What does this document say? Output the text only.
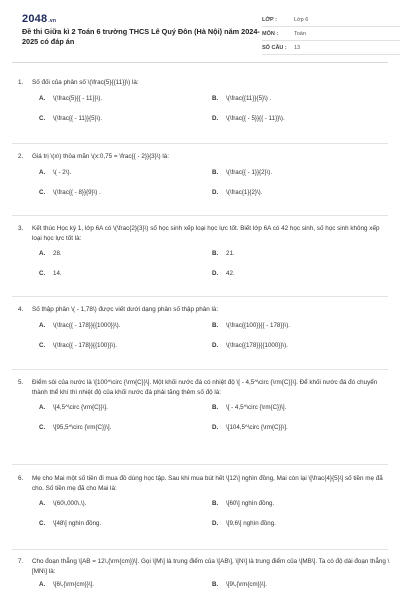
2048.vn
Đề thi Giữa kì 2 Toán 6 trường THCS Lê Quý Đôn (Hà Nội) năm 2024-2025 có đáp án
LỚP :	Lớp 6
MÔN :	Toán
SỐ CÂU :	13
1.	Số đối của phân số \(\frac{5}{{11}}\) là:
A.	\(\frac{5}{{ - 11}}\).	B.	\(\frac{{11}}{5}\) .
C.	\(\frac{{ - 11}}{5}\).	D.	\(\frac{{ - 5}}{{ - 11}}\).
2.	Giá trị \(x\) thỏa mãn \(x:0,75 = \frac{{ - 2}}{3}\) là:
A.	\( - 2\).	B.	\(\frac{{ - 1}}{2}\).
C.	\(\frac{{ - 8}}{9}\) .	D.	\(\frac{1}{2}\).
3.	Kết thúc Học kỳ 1, lớp 6A có \(\frac{2}{3}\) số học sinh xếp loại học lực tốt. Biết lớp 6A có 42 học sinh, số học sinh không xếp loại học lực tốt là:
A.	28.	B.	21.
C.	14.	D.	42.
4.	Số thập phân \( - 1,78\) được viết dưới dạng phân số thập phân là:
A.	\(\frac{{ - 178}}{{1000}}\).	B.	\(\frac{{100}}{{ - 178}}\).
C.	\(\frac{{ - 178}}{{100}}\).	D.	\(\frac{{178}}{{1000}}\).
5.	Điểm sôi của nước là \[100^\circ {\rm{C}}\]. Một khối nước đá có nhiệt độ \[ - 4,5^\circ {\rm{C}}\]. Để khối nước đá đó chuyển thành thể khí thì nhiệt độ của khối nước đá phải tăng thêm số độ là:
A.	\[4,5^\circ {\rm{C}}\].	B.	\[ - 4,5^\circ {\rm{C}}\].
C.	\[95,5^\circ {\rm{C}}\].	D.	\[104,5^\circ {\rm{C}}\].
6.	Mẹ cho Mai một số tiền đi mua đồ dùng học tập. Sau khi mua bút hết \[12\] nghìn đồng, Mai còn lại \[\frac{4}{5}\] số tiền mẹ đã cho. Số tiền mẹ đã cho Mai là:
A.	\(60\,000\,\).	B.	\[60\] nghìn đồng.
C.	\[48\] nghìn đồng.	D.	\[9,6\] nghìn đồng.
7.	Cho đoạn thẳng \[AB = 12\,{\rm{cm}}\]. Gọi \[M\] là trung điểm của \[AB\], \[N\] là trung điểm của \[MB\]. Ta có độ dài đoạn thẳng \[MN\] là:
A.	\[6\,{\rm{cm}}\].	B.	\[9\,{\rm{cm}}\].
